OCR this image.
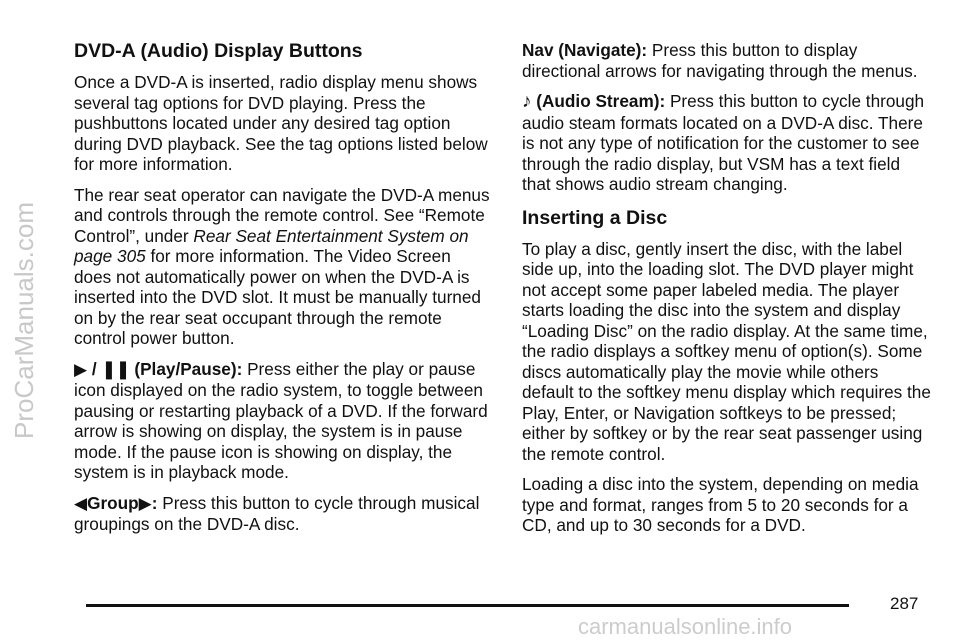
ProCarManuals.com
DVD-A (Audio) Display Buttons

Once a DVD-A is inserted, radio display menu shows several tag options for DVD playing. Press the pushbuttons located under any desired tag option during DVD playback. See the tag options listed below for more information.

The rear seat operator can navigate the DVD-A menus and controls through the remote control. See “Remote Control”, under Rear Seat Entertainment System on page 305 for more information. The Video Screen does not automatically power on when the DVD-A is inserted into the DVD slot. It must be manually turned on by the rear seat occupant through the remote control power button.

▶ / ❚❚ (Play/Pause): Press either the play or pause icon displayed on the radio system, to toggle between pausing or restarting playback of a DVD. If the forward arrow is showing on display, the system is in pause mode. If the pause icon is showing on display, the system is in playback mode.

◀Group▶: Press this button to cycle through musical groupings on the DVD-A disc.

Nav (Navigate): Press this button to display directional arrows for navigating through the menus.

♪ (Audio Stream): Press this button to cycle through audio steam formats located on a DVD-A disc. There is not any type of notification for the customer to see through the radio display, but VSM has a text field that shows audio stream changing.

Inserting a Disc

To play a disc, gently insert the disc, with the label side up, into the loading slot. The DVD player might not accept some paper labeled media. The player starts loading the disc into the system and display “Loading Disc” on the radio display. At the same time, the radio displays a softkey menu of option(s). Some discs automatically play the movie while others default to the softkey menu display which requires the Play, Enter, or Navigation softkeys to be pressed; either by softkey or by the rear seat passenger using the remote control.

Loading a disc into the system, depending on media type and format, ranges from 5 to 20 seconds for a CD, and up to 30 seconds for a DVD.

287
carmanualsonline.info
